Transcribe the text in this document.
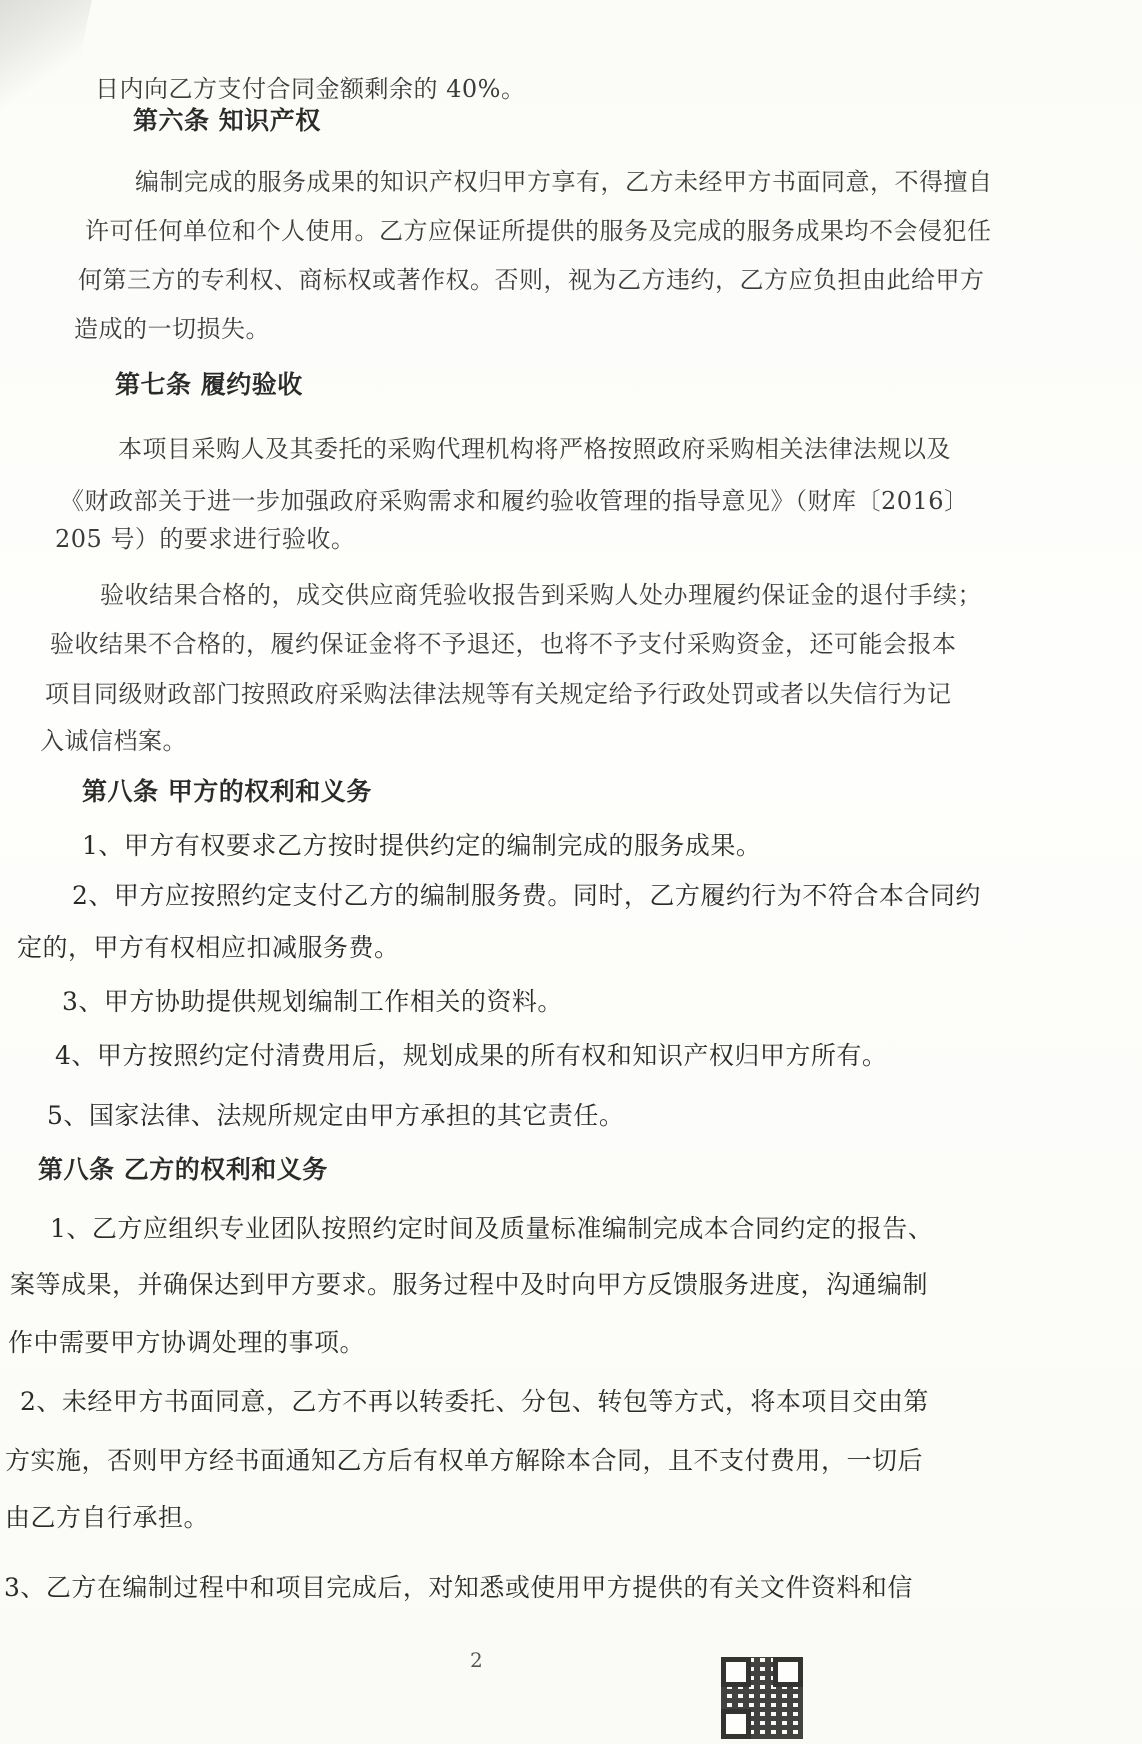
日内向乙方支付合同金额剩余的 40%。
第六条 知识产权
编制完成的服务成果的知识产权归甲方享有，乙方未经甲方书面同意，不得擅自
许可任何单位和个人使用。乙方应保证所提供的服务及完成的服务成果均不会侵犯任
何第三方的专利权、商标权或著作权。否则，视为乙方违约，乙方应负担由此给甲方
造成的一切损失。
第七条 履约验收
本项目采购人及其委托的采购代理机构将严格按照政府采购相关法律法规以及
《财政部关于进一步加强政府采购需求和履约验收管理的指导意见》（财库〔2016〕
205 号）的要求进行验收。
验收结果合格的，成交供应商凭验收报告到采购人处办理履约保证金的退付手续；
验收结果不合格的，履约保证金将不予退还，也将不予支付采购资金，还可能会报本
项目同级财政部门按照政府采购法律法规等有关规定给予行政处罚或者以失信行为记
入诚信档案。
第八条 甲方的权利和义务
1、甲方有权要求乙方按时提供约定的编制完成的服务成果。
2、甲方应按照约定支付乙方的编制服务费。同时，乙方履约行为不符合本合同约
定的，甲方有权相应扣减服务费。
3、甲方协助提供规划编制工作相关的资料。
4、甲方按照约定付清费用后，规划成果的所有权和知识产权归甲方所有。
5、国家法律、法规所规定由甲方承担的其它责任。
第八条 乙方的权利和义务
1、乙方应组织专业团队按照约定时间及质量标准编制完成本合同约定的报告、
案等成果，并确保达到甲方要求。服务过程中及时向甲方反馈服务进度，沟通编制
作中需要甲方协调处理的事项。
2、未经甲方书面同意，乙方不再以转委托、分包、转包等方式，将本项目交由第
方实施，否则甲方经书面通知乙方后有权单方解除本合同，且不支付费用，一切后
由乙方自行承担。
3、乙方在编制过程中和项目完成后，对知悉或使用甲方提供的有关文件资料和信
2
